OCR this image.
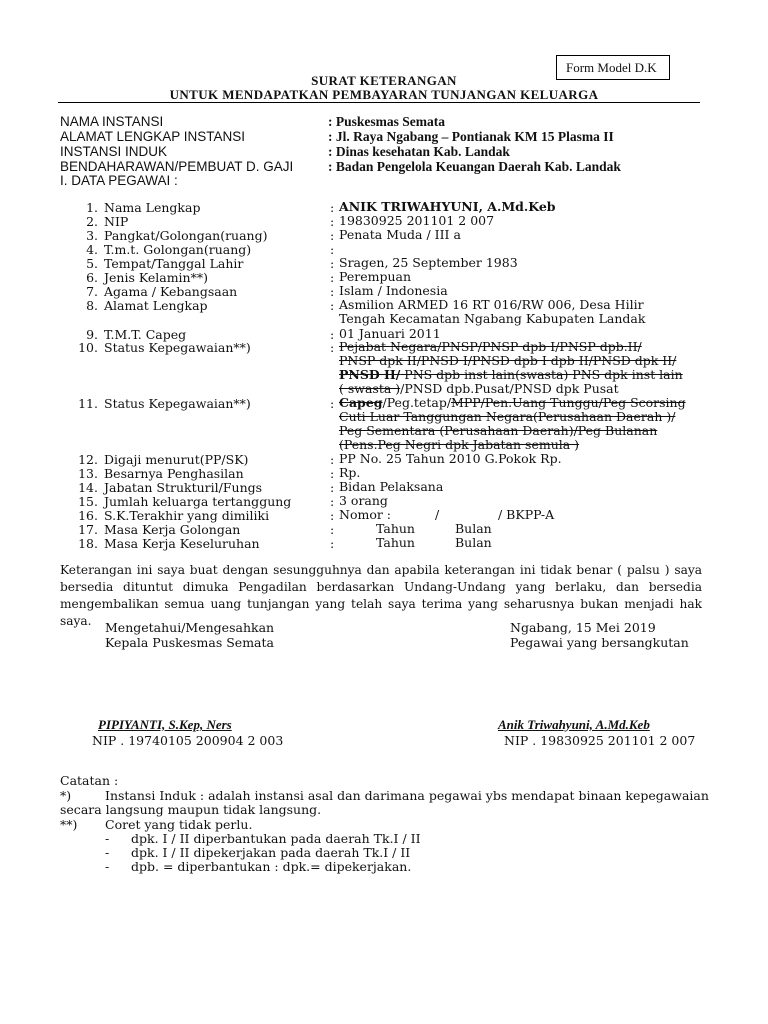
Form Model D.K
SURAT KETERANGAN
UNTUK MENDAPATKAN PEMBAYARAN TUNJANGAN KELUARGA
NAMA INSTANSI	: Puskesmas Semata
ALAMAT LENGKAP INSTANSI	: Jl. Raya Ngabang – Pontianak KM 15 Plasma II
INSTANSI INDUK	: Dinas kesehatan Kab. Landak
BENDAHARAWAN/PEMBUAT D. GAJI	: Badan Pengelola Keuangan Daerah Kab. Landak
I. DATA PEGAWAI :
1. Nama Lengkap	: ANIK TRIWAHYUNI, A.Md.Keb
2. NIP	: 19830925 201101 2 007
3. Pangkat/Golongan(ruang)	: Penata Muda / III a
4. T.m.t. Golongan(ruang)	:
5. Tempat/Tanggal Lahir	: Sragen, 25 September 1983
6. Jenis Kelamin**)	: Perempuan
7. Agama / Kebangsaan	: Islam / Indonesia
8. Alamat Lengkap	: Asmilion ARMED 16 RT 016/RW 006, Desa Hilir
Tengah Kecamatan Ngabang Kabupaten Landak
9. T.M.T. Capeg	: 01 Januari 2011
10. Status Kepegawaian**)	: Pejabat Negara/PNSP/PNSP dpb I/PNSP dpb.II/
PNSP dpk II/PNSD I/PNSD dpb I dpb II/PNSD dpk II/
PNSD II/ PNS dpb inst lain(swasta) PNS dpk inst lain
( swasta )/PNSD dpb.Pusat/PNSD dpk Pusat
11. Status Kepegawaian**)	: Capeg/Peg.tetap/MPP/Pen.Uang Tunggu/Peg Scorsing
Cuti Luar Tanggungan Negara(Perusahaan Daerah )/
Peg Sementara (Perusahaan Daerah)/Peg Bulanan
(Pens.Peg Negri dpk Jabatan semula )
12. Digaji menurut(PP/SK)	: PP No. 25 Tahun 2010 G.Pokok Rp.
13. Besarnya Penghasilan	: Rp.
14. Jabatan Strukturil/Fungs	: Bidan Pelaksana
15. Jumlah keluarga tertanggung	: 3 orang
16. S.K.Terakhir yang dimiliki	: Nomor :	/	/ BKPP-A
17. Masa Kerja Golongan	:	Tahun	Bulan
18. Masa Kerja Keseluruhan	:	Tahun	Bulan
Keterangan ini saya buat dengan sesungguhnya dan apabila keterangan ini tidak benar ( palsu ) saya bersedia dituntut dimuka Pengadilan berdasarkan Undang-Undang yang berlaku, dan bersedia mengembalikan semua uang tunjangan yang telah saya terima yang seharusnya bukan menjadi hak saya.	Mengetahui/Mengesahkan
Kepala Puskesmas Semata
Ngabang, 15 Mei 2019
Pegawai yang bersangkutan
PIPIYANTI, S.Kep, Ners
NIP . 19740105 200904 2 003
Anik Triwahyuni, A.Md.Keb
NIP . 19830925 201101 2 007
Catatan :
*)	Instansi Induk : adalah instansi asal dan darimana pegawai ybs mendapat binaan kepegawaian
secara langsung maupun tidak langsung.
**) Coret yang tidak perlu.
- dpk. I / II diperbantukan pada daerah Tk.I / II
- dpk. I / II dipekerjakan pada daerah Tk.I / II
- dpb. = diperbantukan : dpk.= dipekerjakan.
